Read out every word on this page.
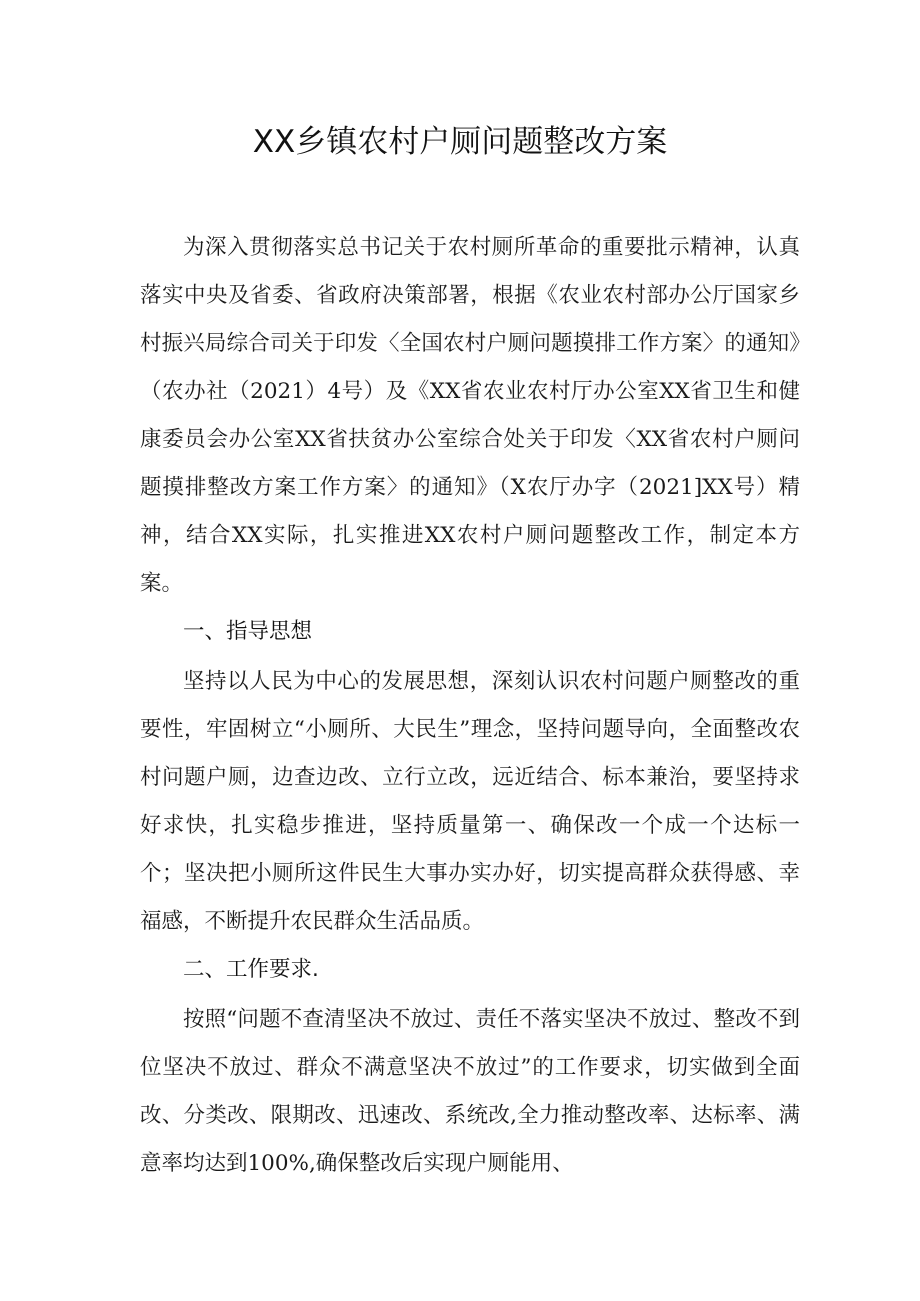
XX乡镇农村户厕问题整改方案

为深入贯彻落实总书记关于农村厕所革命的重要批示精神，认真落实中央及省委、省政府决策部署，根据《农业农村部办公厅国家乡村振兴局综合司关于印发〈全国农村户厕问题摸排工作方案〉的通知》（农办社（2021）4号）及《XX省农业农村厅办公室XX省卫生和健康委员会办公室XX省扶贫办公室综合处关于印发〈XX省农村户厕问题摸排整改方案工作方案〉的通知》（X农厅办字（2021]XX号）精神，结合XX实际，扎实推进XX农村户厕问题整改工作，制定本方案。

一、指导思想

坚持以人民为中心的发展思想，深刻认识农村问题户厕整改的重要性，牢固树立“小厕所、大民生”理念，坚持问题导向，全面整改农村问题户厕，边查边改、立行立改，远近结合、标本兼治，要坚持求好求快，扎实稳步推进，坚持质量第一、确保改一个成一个达标一个；坚决把小厕所这件民生大事办实办好，切实提高群众获得感、幸福感，不断提升农民群众生活品质。

二、工作要求.

按照“问题不查清坚决不放过、责任不落实坚决不放过、整改不到位坚决不放过、群众不满意坚决不放过”的工作要求，切实做到全面改、分类改、限期改、迅速改、系统改,全力推动整改率、达标率、满意率均达到100%,确保整改后实现户厕能用、
